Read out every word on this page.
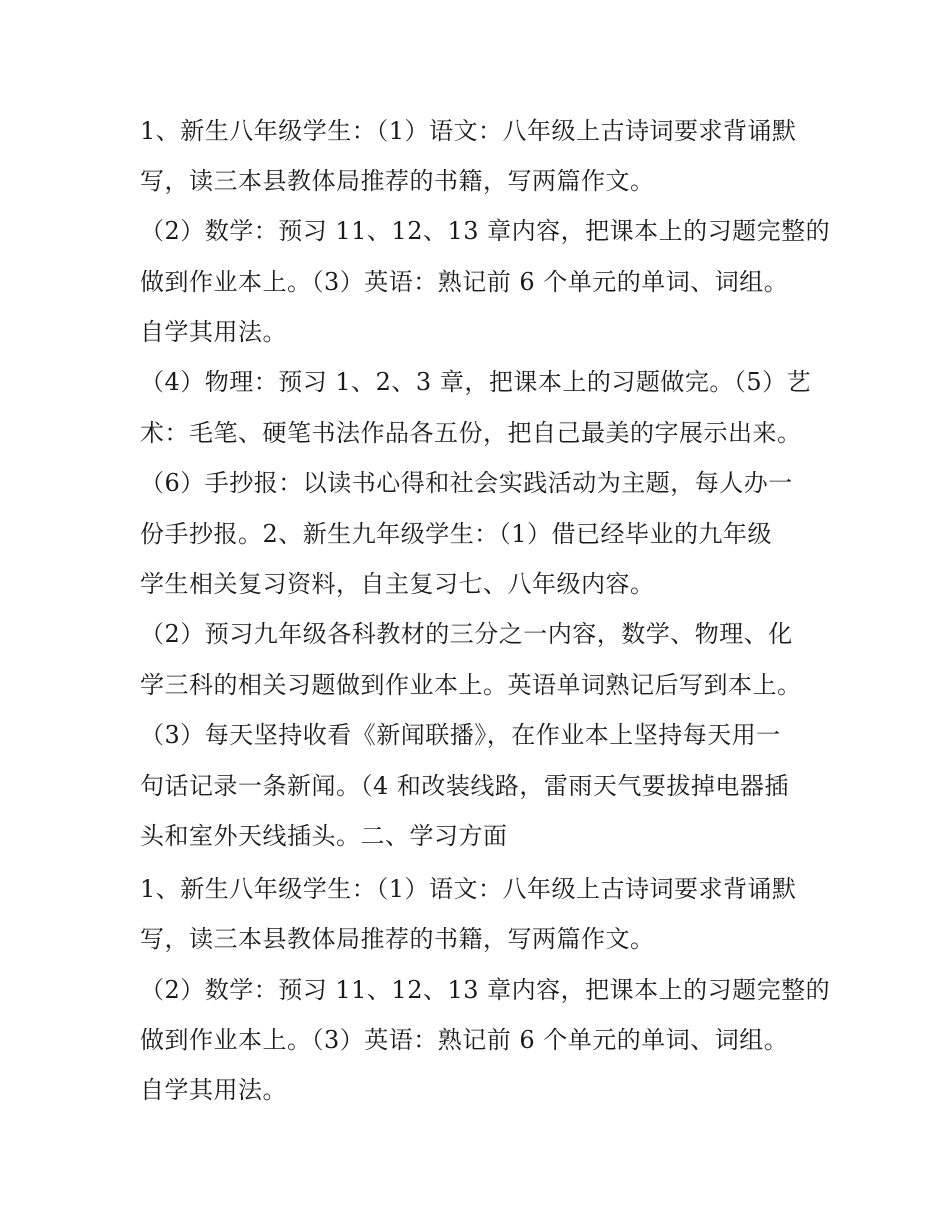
1、新生八年级学生：（1）语文：八年级上古诗词要求背诵默
写，读三本县教体局推荐的书籍，写两篇作文。
（2）数学：预习 11、12、13 章内容，把课本上的习题完整的
做到作业本上。（3）英语：熟记前 6 个单元的单词、词组。
自学其用法。
（4）物理：预习 1、2、3 章，把课本上的习题做完。（5）艺
术：毛笔、硬笔书法作品各五份，把自己最美的字展示出来。
（6）手抄报：以读书心得和社会实践活动为主题，每人办一
份手抄报。2、新生九年级学生：（1）借已经毕业的九年级
学生相关复习资料，自主复习七、八年级内容。
（2）预习九年级各科教材的三分之一内容，数学、物理、化
学三科的相关习题做到作业本上。英语单词熟记后写到本上。
（3）每天坚持收看《新闻联播》，在作业本上坚持每天用一
句话记录一条新闻。（4 和改装线路，雷雨天气要拔掉电器插
头和室外天线插头。二、学习方面
1、新生八年级学生：（1）语文：八年级上古诗词要求背诵默
写，读三本县教体局推荐的书籍，写两篇作文。
（2）数学：预习 11、12、13 章内容，把课本上的习题完整的
做到作业本上。（3）英语：熟记前 6 个单元的单词、词组。
自学其用法。
